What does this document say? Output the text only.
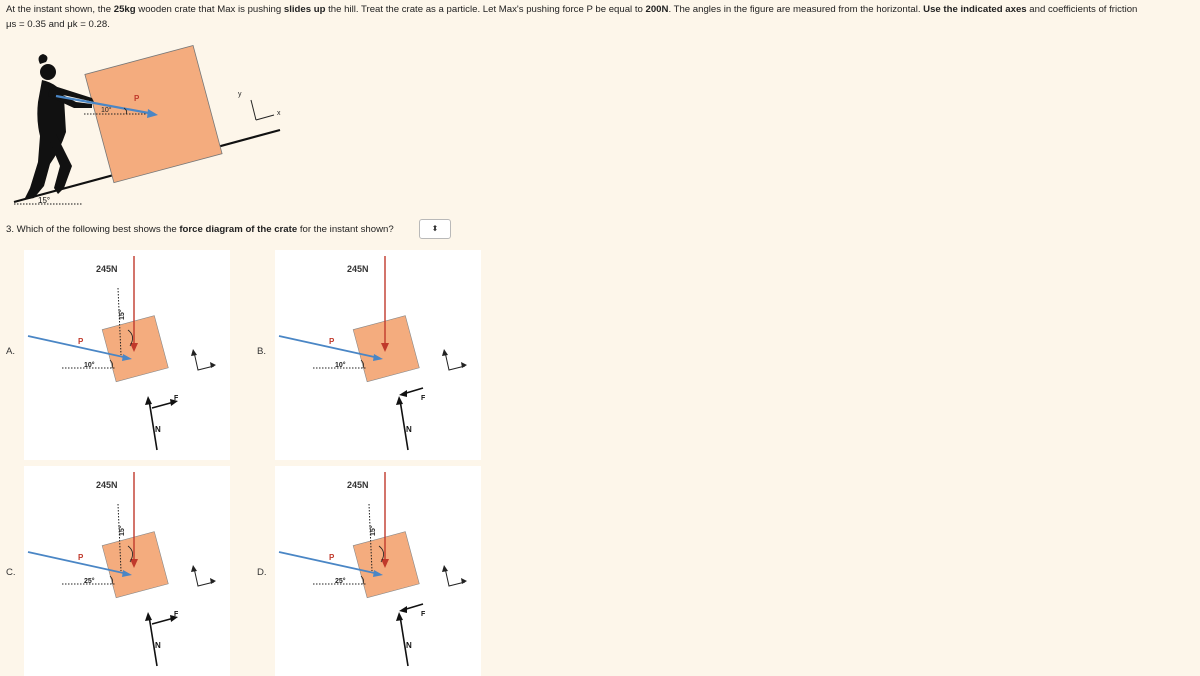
At the instant shown, the 25kg wooden crate that Max is pushing slides up the hill. Treat the crate as a particle. Let Max's pushing force P be equal to 200N. The angles in the figure are measured from the horizontal. Use the indicated axes and coefficients of friction
μs = 0.35 and μk = 0.28.
15°
P
10°	x
y
3. Which of the following best shows the force diagram of the crate for the instant shown?	⬍
A.	B.
C.	D.
245N
15°
P
10°
N
F
245N
P
10°
N
F
245N
15°
P
25°
N
F
245N
15°
P
25°
N
F
